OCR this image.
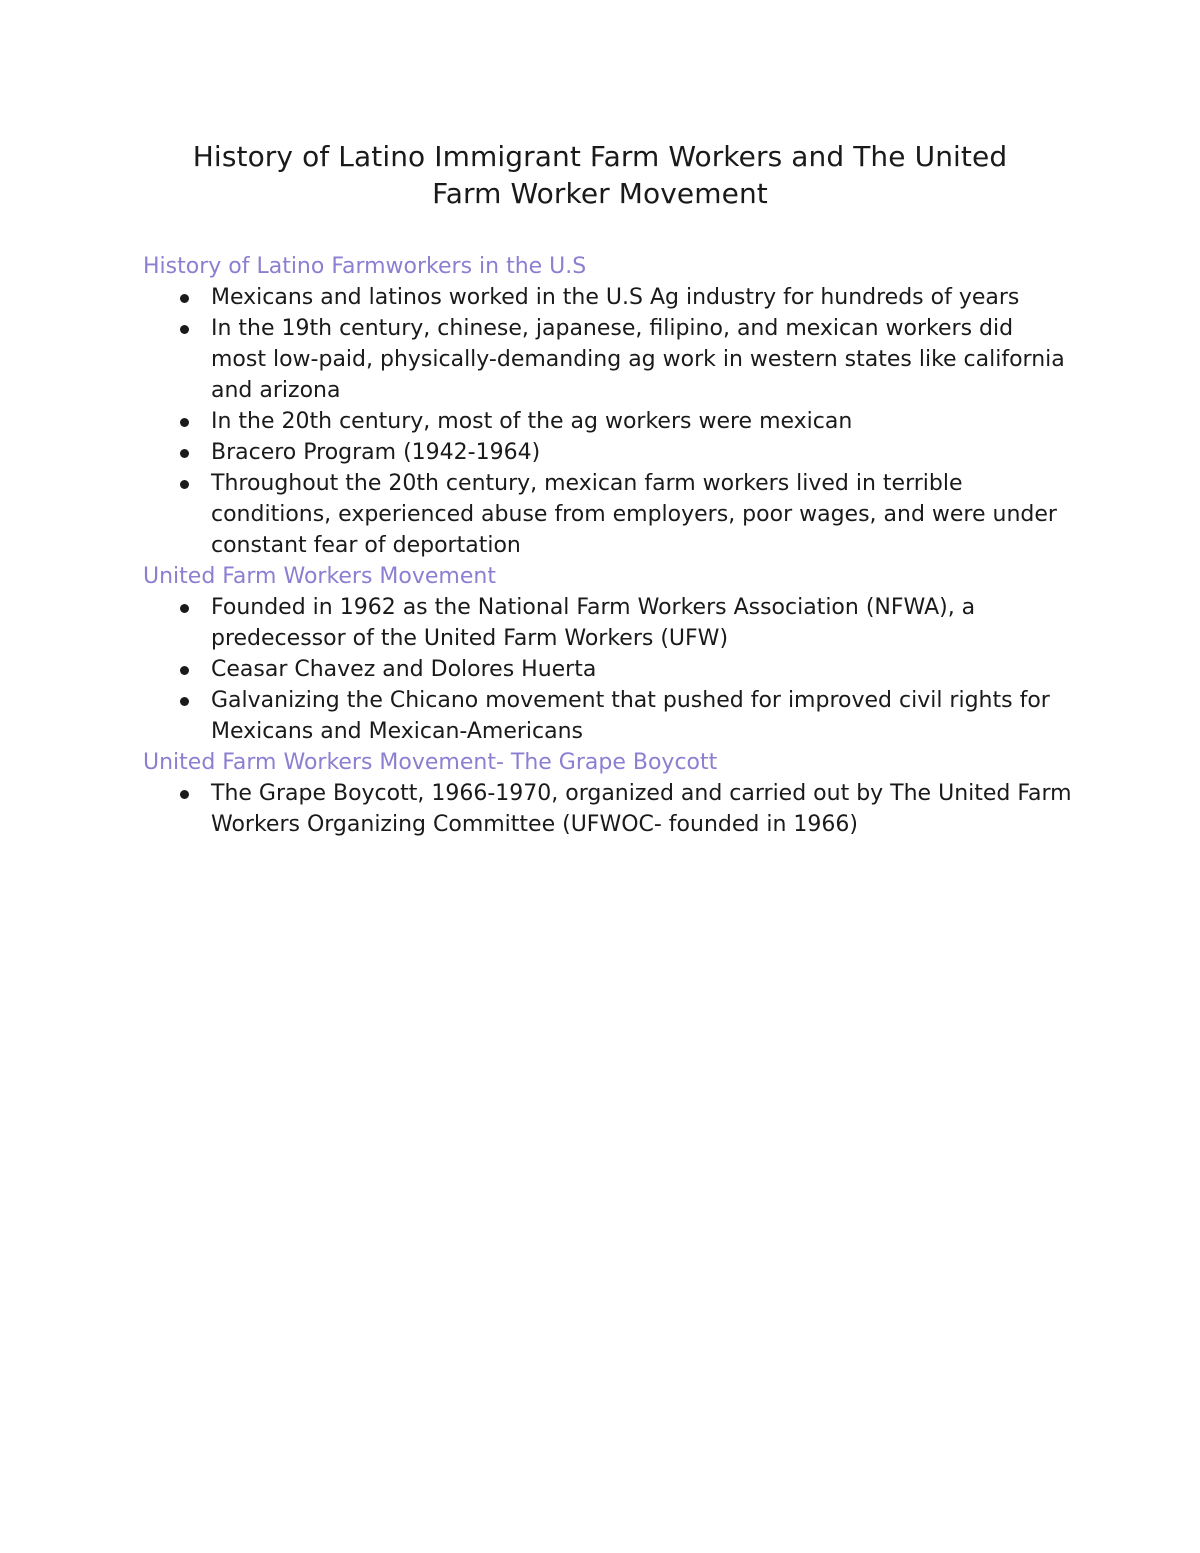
History of Latino Immigrant Farm Workers and The United
Farm Worker Movement
History of Latino Farmworkers in the U.S
Mexicans and latinos worked in the U.S Ag industry for hundreds of years
In the 19th century, chinese, japanese, filipino, and mexican workers did most low-paid, physically-demanding ag work in western states like california and arizona
In the 20th century, most of the ag workers were mexican
Bracero Program (1942-1964)
Throughout the 20th century, mexican farm workers lived in terrible conditions, experienced abuse from employers, poor wages, and were under constant fear of deportation
United Farm Workers Movement
Founded in 1962 as the National Farm Workers Association (NFWA), a predecessor of the United Farm Workers (UFW)
Ceasar Chavez and Dolores Huerta
Galvanizing the Chicano movement that pushed for improved civil rights for Mexicans and Mexican-Americans
United Farm Workers Movement- The Grape Boycott
The Grape Boycott, 1966-1970, organized and carried out by The United Farm Workers Organizing Committee (UFWOC- founded in 1966)
